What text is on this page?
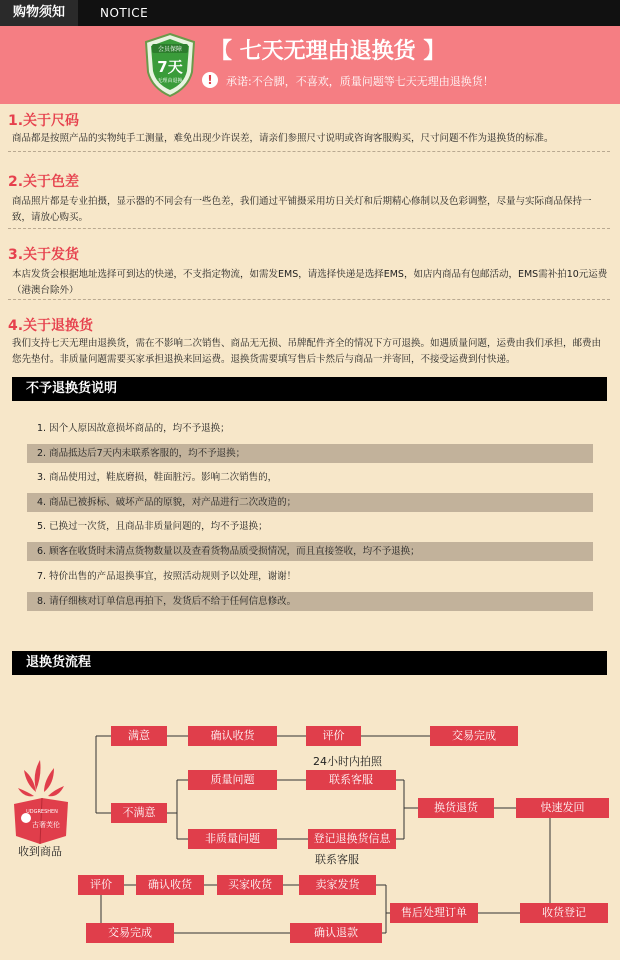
购物须知	NOTICE
会员保障
7天
无理由退换
【 七天无理由退换货 】
!	承诺:不合脚，不喜欢，质量问题等七天无理由退换货！
1.关于尺码
商品都是按照产品的实物纯手工测量，难免出现少许误差，请亲们参照尺寸说明或咨询客服购买，尺寸问题不作为退换货的标准。
2.关于色差
商品照片都是专业拍摄，显示器的不同会有一些色差，我们通过平铺摄采用坊日关灯和后期精心修制以及色彩调整，尽量与实际商品保持一致，请放心购买。
3.关于发货
本店发货会根据地址选择可到达的快递，不支指定物流，如需发EMS，请选择快递是选择EMS，如店内商品有包邮活动，EMS需补拍10元运费（港澳台除外）
4.关于退换货
我们支持七天无理由退换货，需在不影响二次销售、商品无无损、吊牌配件齐全的情况下方可退换。如遇质量问题，运费由我们承担，邮费由您先垫付。非质量问题需要买家承担退换来回运费。退换货需要填写售后卡然后与商品一并寄回，不接受运费到付快递。
不予退换货说明
1. 因个人原因故意损坏商品的，均不予退换；
2. 商品抵达后7天内未联系客服的，均不予退换；
3. 商品使用过，鞋底磨损，鞋面脏污。影响二次销售的，
4. 商品已被拆标、破坏产品的原貌，对产品进行二次改造的；
5. 已换过一次货，且商品非质量问题的，均不予退换；
6. 顾客在收货时未清点货物数量以及查看货物品质受损情况，而且直接签收，均不予退换；
7. 特价出售的产品退换事宜，按照活动规则予以处理，谢谢！
8. 请仔细核对订单信息再拍下，发货后不给于任何信息修改。
退换货流程
UDGRESHEN
古奢芙伦
收到商品
满意	确认收货	评价	交易完成
24小时内拍照
质量问题	联系客服
不满意	换货退货	快速发回
非质量问题	登记退换货信息
联系客服
评价	确认收货	买家收货	卖家发货
售后处理订单	收货登记
交易完成	确认退款
